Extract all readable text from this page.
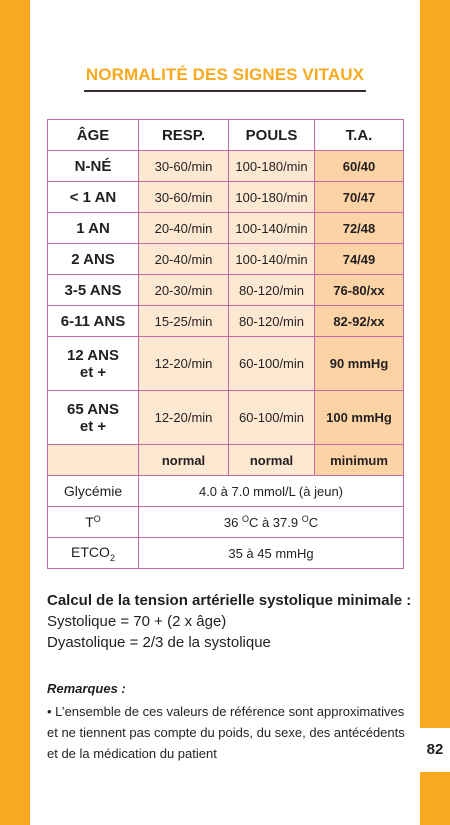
82
NORMALITÉ DES SIGNES VITAUX
ÂGE	RESP.	POULS	T.A.
N-NÉ	30-60/min	100-180/min	60/40
< 1 AN	30-60/min	100-180/min	70/47
1 AN	20-40/min	100-140/min	72/48
2 ANS	20-40/min	100-140/min	74/49
3-5 ANS	20-30/min	80-120/min	76-80/xx
6-11 ANS	15-25/min	80-120/min	82-92/xx

12 ANS
et +	12-20/min	60-100/min	90 mmHg

65 ANS
et +	12-20/min	60-100/min	100 mmHg
	normal	normal	minimum
Glycémie	4.0 à 7.0 mmol/L (à jeun)		
$T^O$	36 $^O$C à 37.9 $^O$C		
$ETCO_2$	35 à 45 mmHg		
Calcul de la tension artérielle systolique minimale :
Systolique = 70 + (2 x âge)
Dyastolique = 2/3 de la systolique
Remarques :
• L’ensemble de ces valeurs de référence sont approximatives et ne tiennent pas compte du poids, du sexe, des antécédents et de la médication du patient
